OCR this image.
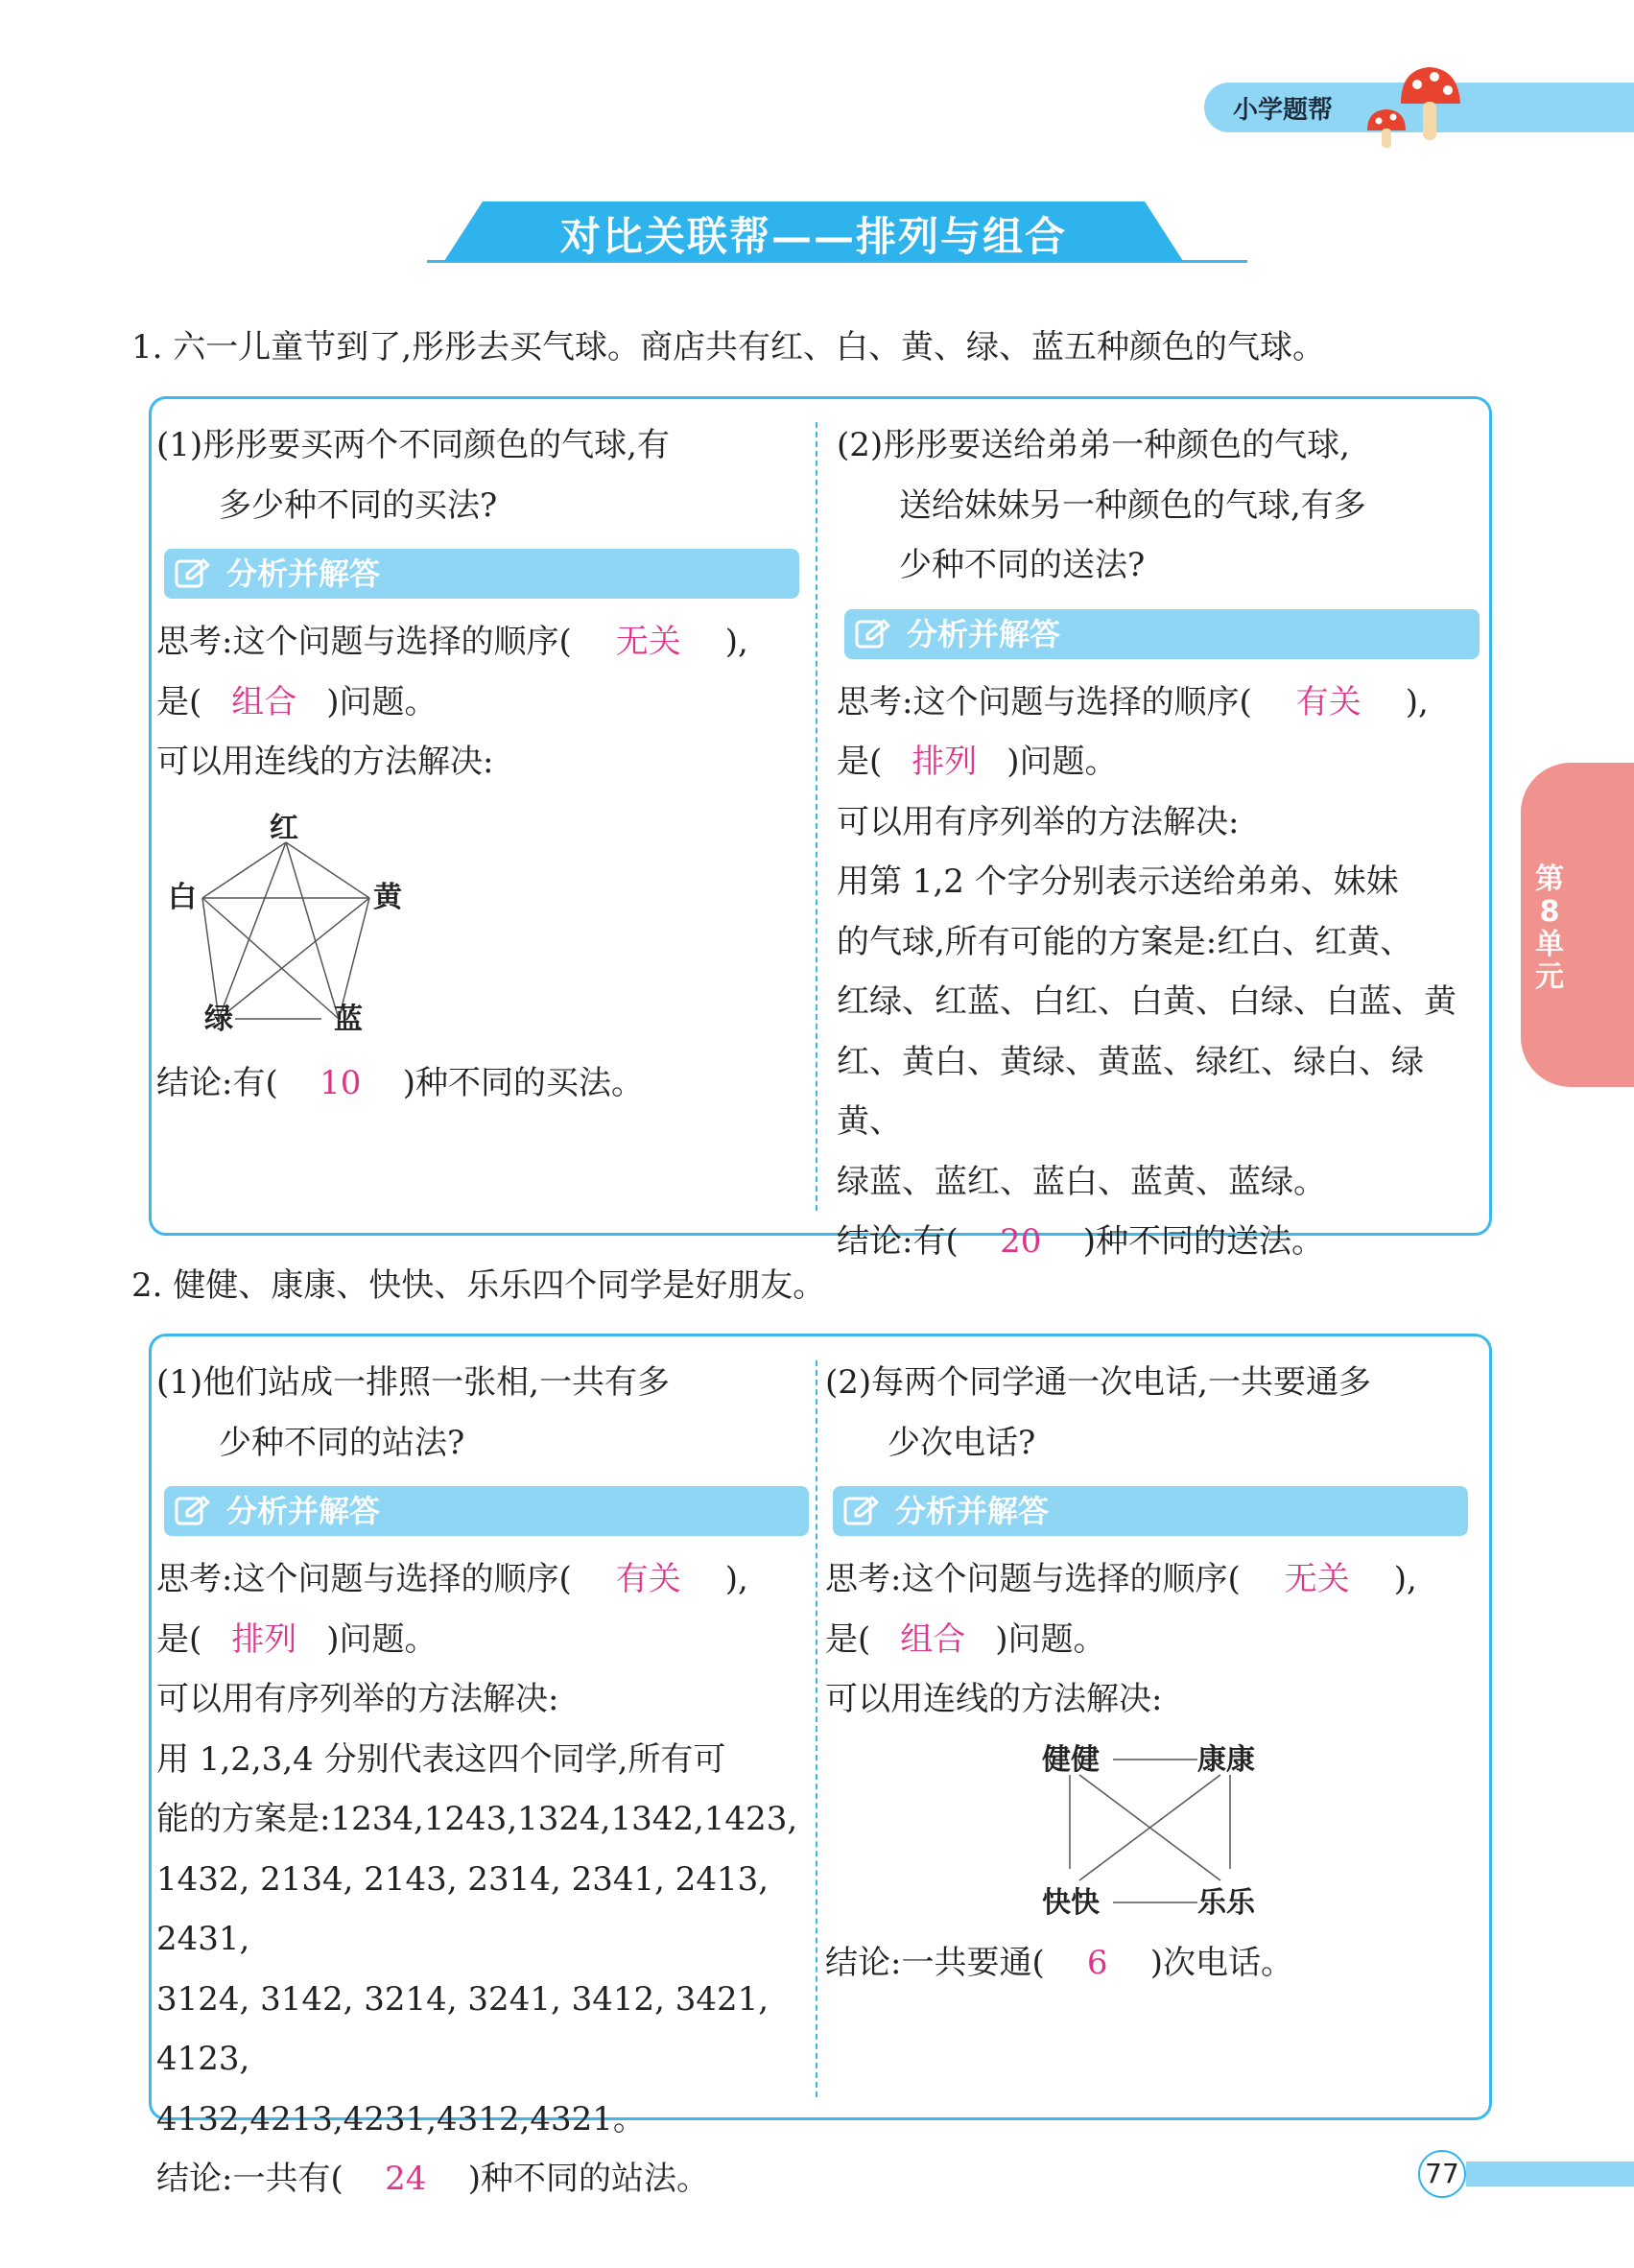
小学题帮
对比关联帮——排列与组合
第8单元
1. 六一儿童节到了,彤彤去买气球。商店共有红、白、黄、绿、蓝五种颜色的气球。

(1)彤彤要买两个不同颜色的气球,有

多少种不同的买法?

分析并解答

思考:这个问题与选择的顺序( 无关 ),

是( 组合 )问题。

可以用连线的方法解决:

红
黄
蓝
绿
白

结论:有( 10 )种不同的买法。

(2)彤彤要送给弟弟一种颜色的气球,

送给妹妹另一种颜色的气球,有多

少种不同的送法?

分析并解答

思考:这个问题与选择的顺序( 有关 ),

是( 排列 )问题。

可以用有序列举的方法解决:

用第 1,2 个字分别表示送给弟弟、妹妹

的气球,所有可能的方案是:红白、红黄、

红绿、红蓝、白红、白黄、白绿、白蓝、黄

红、黄白、黄绿、黄蓝、绿红、绿白、绿黄、

绿蓝、蓝红、蓝白、蓝黄、蓝绿。

结论:有( 20 )种不同的送法。

2. 健健、康康、快快、乐乐四个同学是好朋友。

(1)他们站成一排照一张相,一共有多

少种不同的站法?

分析并解答

思考:这个问题与选择的顺序( 有关 ),

是( 排列 )问题。

可以用有序列举的方法解决:

用 1,2,3,4 分别代表这四个同学,所有可

能的方案是:1234,1243,1324,1342,1423,

1432, 2134, 2143, 2314, 2341, 2413, 2431,

3124, 3142, 3214, 3241, 3412, 3421, 4123,

4132,4213,4231,4312,4321。

结论:一共有( 24 )种不同的站法。

(2)每两个同学通一次电话,一共要通多

少次电话?

分析并解答

思考:这个问题与选择的顺序( 无关 ),

是( 组合 )问题。

可以用连线的方法解决:

健健	康康
快快	乐乐

结论:一共要通( 6 )次电话。

77
